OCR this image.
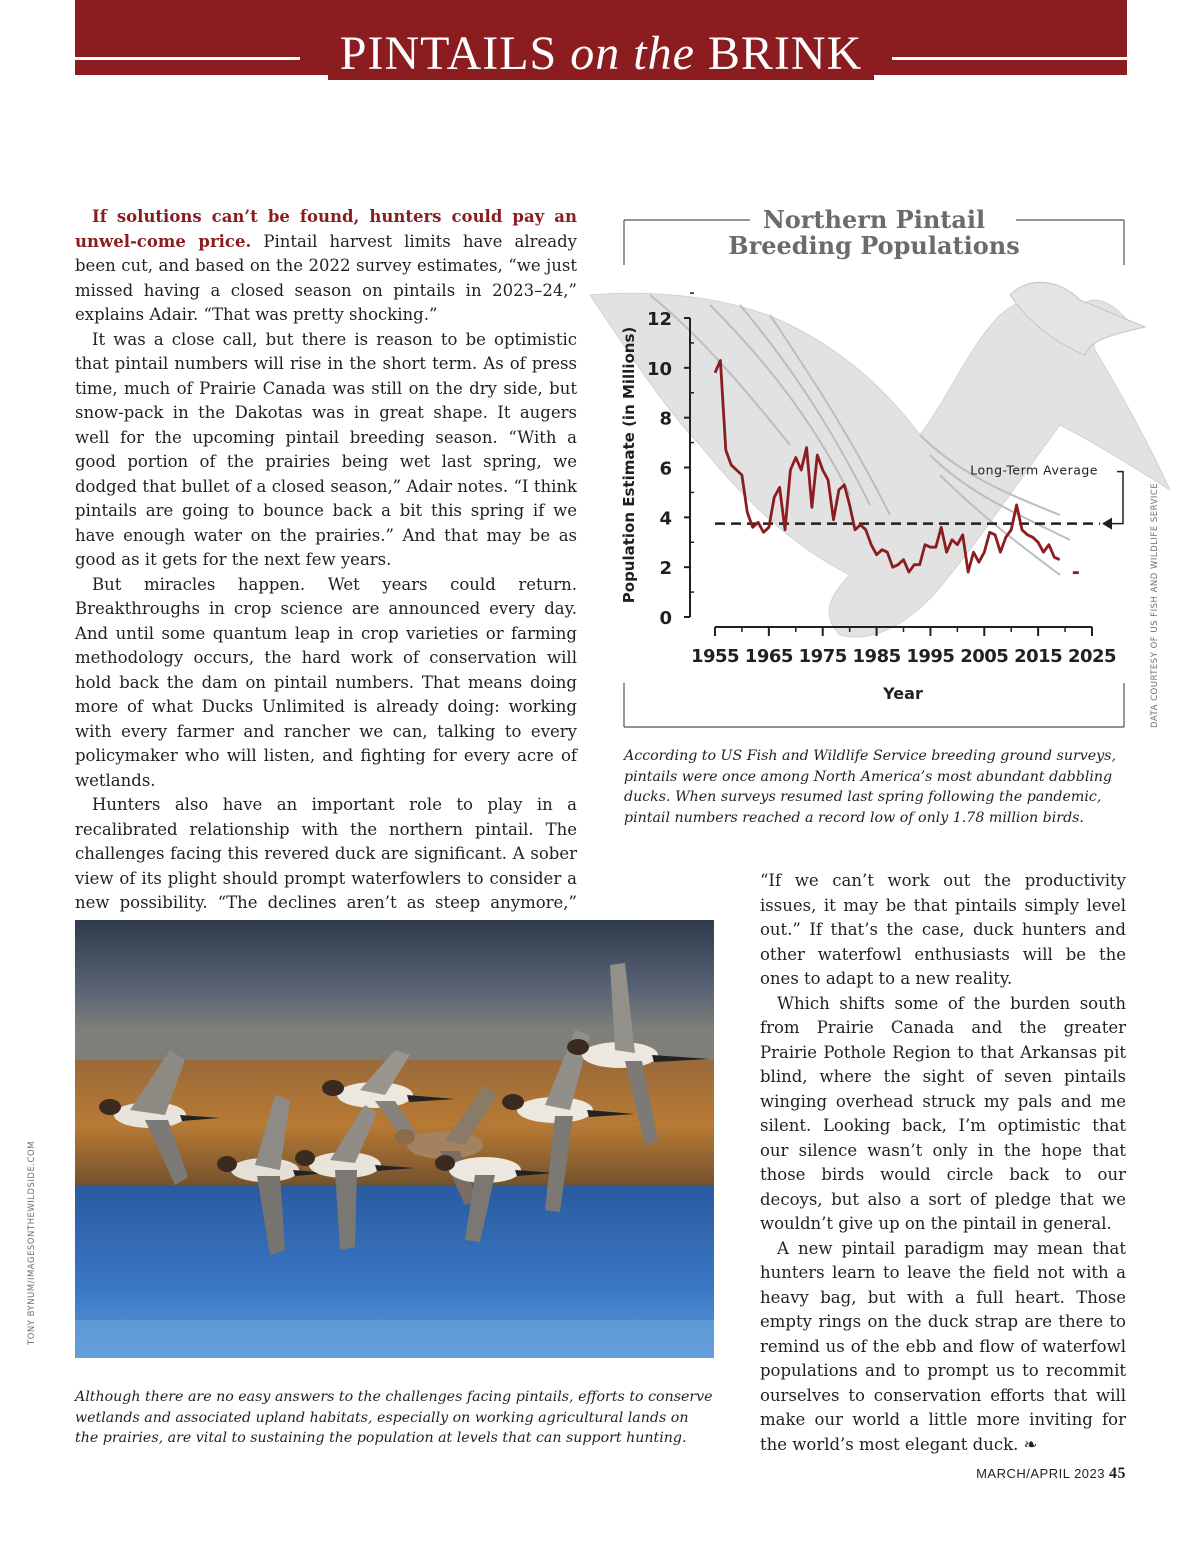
PINTAILS on the BRINK

If solutions can’t be found, hunters could pay an unwel-come price. Pintail harvest limits have already been cut, and based on the 2022 survey estimates, “we just missed having a closed season on pintails in 2023–24,” explains Adair. “That was pretty shocking.”

It was a close call, but there is reason to be optimistic that pintail numbers will rise in the short term. As of press time, much of Prairie Canada was still on the dry side, but snow-pack in the Dakotas was in great shape. It augers well for the upcoming pintail breeding season. “With a good portion of the prairies being wet last spring, we dodged that bullet of a closed season,” Adair notes. “I think pintails are going to bounce back a bit this spring if we have enough water on the prairies.” And that may be as good as it gets for the next few years.

But miracles happen. Wet years could return. Breakthroughs in crop science are announced every day. And until some quantum leap in crop varieties or farming methodology occurs, the hard work of conservation will hold back the dam on pintail numbers. That means doing more of what Ducks Unlimited is already doing: working with every farmer and rancher we can, talking to every policymaker who will listen, and fighting for every acre of wetlands.

Hunters also have an important role to play in a recalibrated relationship with the northern pintail. The challenges facing this revered duck are significant. A sober view of its plight should prompt waterfowlers to consider a new possibility. “The declines aren’t as steep anymore,”

Northern Pintail
Breeding Populations
Population Estimate (in Millions)
Year
0
2
4
6
8
10
12
1955 1965 1975 1985 1995 2005 2015 2025
Long-Term Average
DATA COURTESY OF US FISH AND WILDLIFE SERVICE
According to US Fish and Wildlife Service breeding ground surveys, pintails were once among North America’s most abundant dabbling ducks. When surveys resumed last spring following the pandemic, pintail numbers reached a record low of only 1.78 million birds.
TONY BYNUM/IMAGESONTHEWILDSIDE.COM
Although there are no easy answers to the challenges facing pintails, efforts to conserve wetlands and associated upland habitats, especially on working agricultural lands on the prairies, are vital to sustaining the population at levels that can support hunting.

“If we can’t work out the productivity issues, it may be that pintails simply level out.” If that’s the case, duck hunters and other waterfowl enthusiasts will be the ones to adapt to a new reality.

Which shifts some of the burden south from Prairie Canada and the greater Prairie Pothole Region to that Arkansas pit blind, where the sight of seven pintails winging overhead struck my pals and me silent. Looking back, I’m optimistic that our silence wasn’t only in the hope that those birds would circle back to our decoys, but also a sort of pledge that we wouldn’t give up on the pintail in general.

A new pintail paradigm may mean that hunters learn to leave the field not with a heavy bag, but with a full heart. Those empty rings on the duck strap are there to remind us of the ebb and flow of waterfowl populations and to prompt us to recommit ourselves to conservation efforts that will make our world a little more inviting for the world’s most elegant duck. ❧

MARCH/APRIL 2023 45
